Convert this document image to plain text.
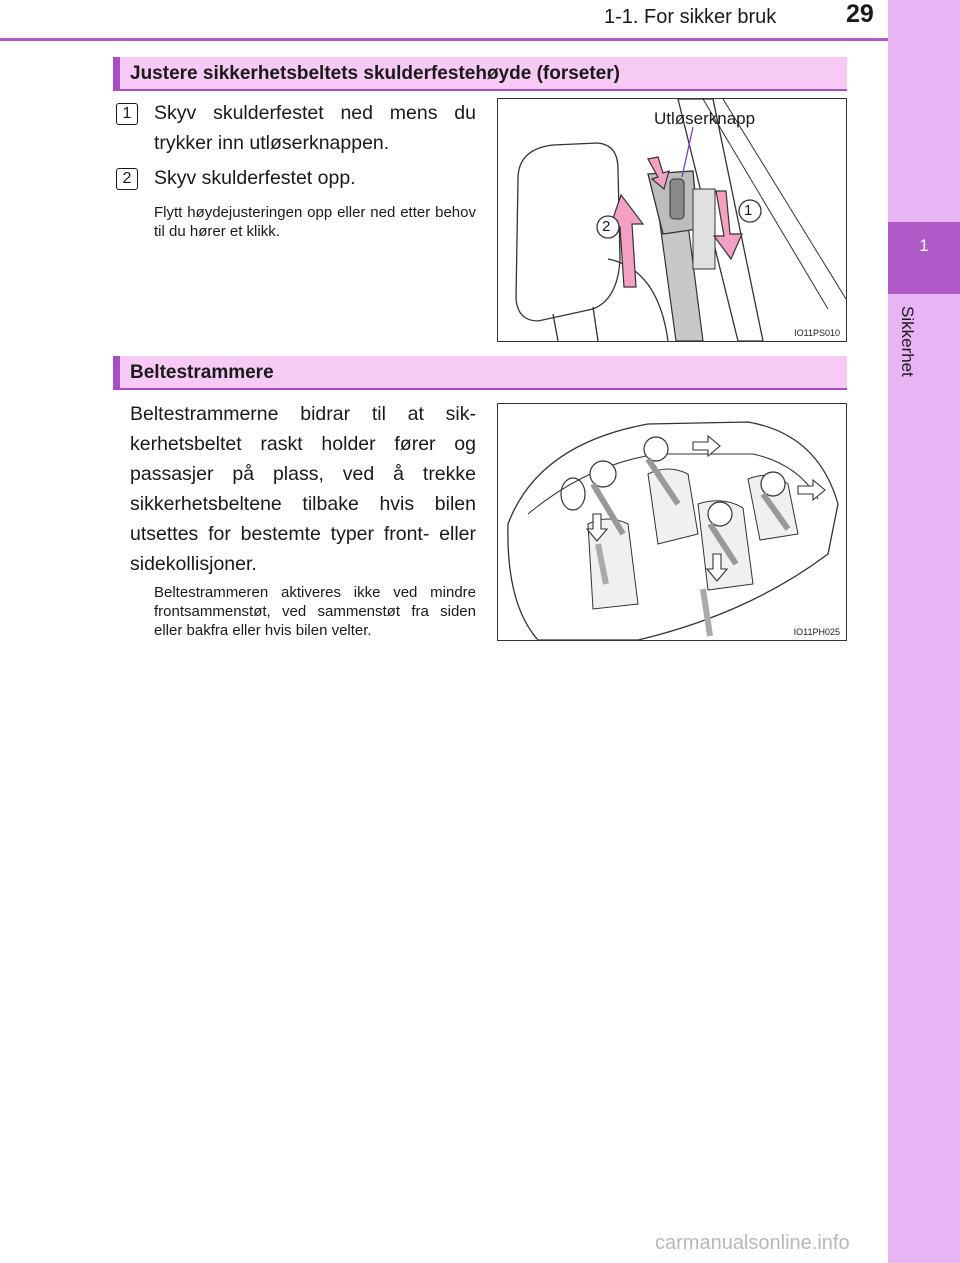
1-1. For sikker bruk	29
1
Sikkerhet
Justere sikkerhetsbeltets skulderfestehøyde (forseter)
1	Skyv skulderfestet ned mens du trykker inn utløserknappen.
2	Skyv skulderfestet opp.
Flytt høydejusteringen opp eller ned etter behov til du hører et klikk.
Utløserknapp
1
2
IO11PS010
Beltestrammere
Beltestrammerne bidrar til at sik-kerhetsbeltet raskt holder fører og passasjer på plass, ved å trekke sikkerhetsbeltene tilbake hvis bilen utsettes for bestemte typer front- eller sidekollisjoner.
Beltestrammeren aktiveres ikke ved mindre frontsammenstøt, ved sammenstøt fra siden eller bakfra eller hvis bilen velter.	IO11PH025
carmanualsonline.info
